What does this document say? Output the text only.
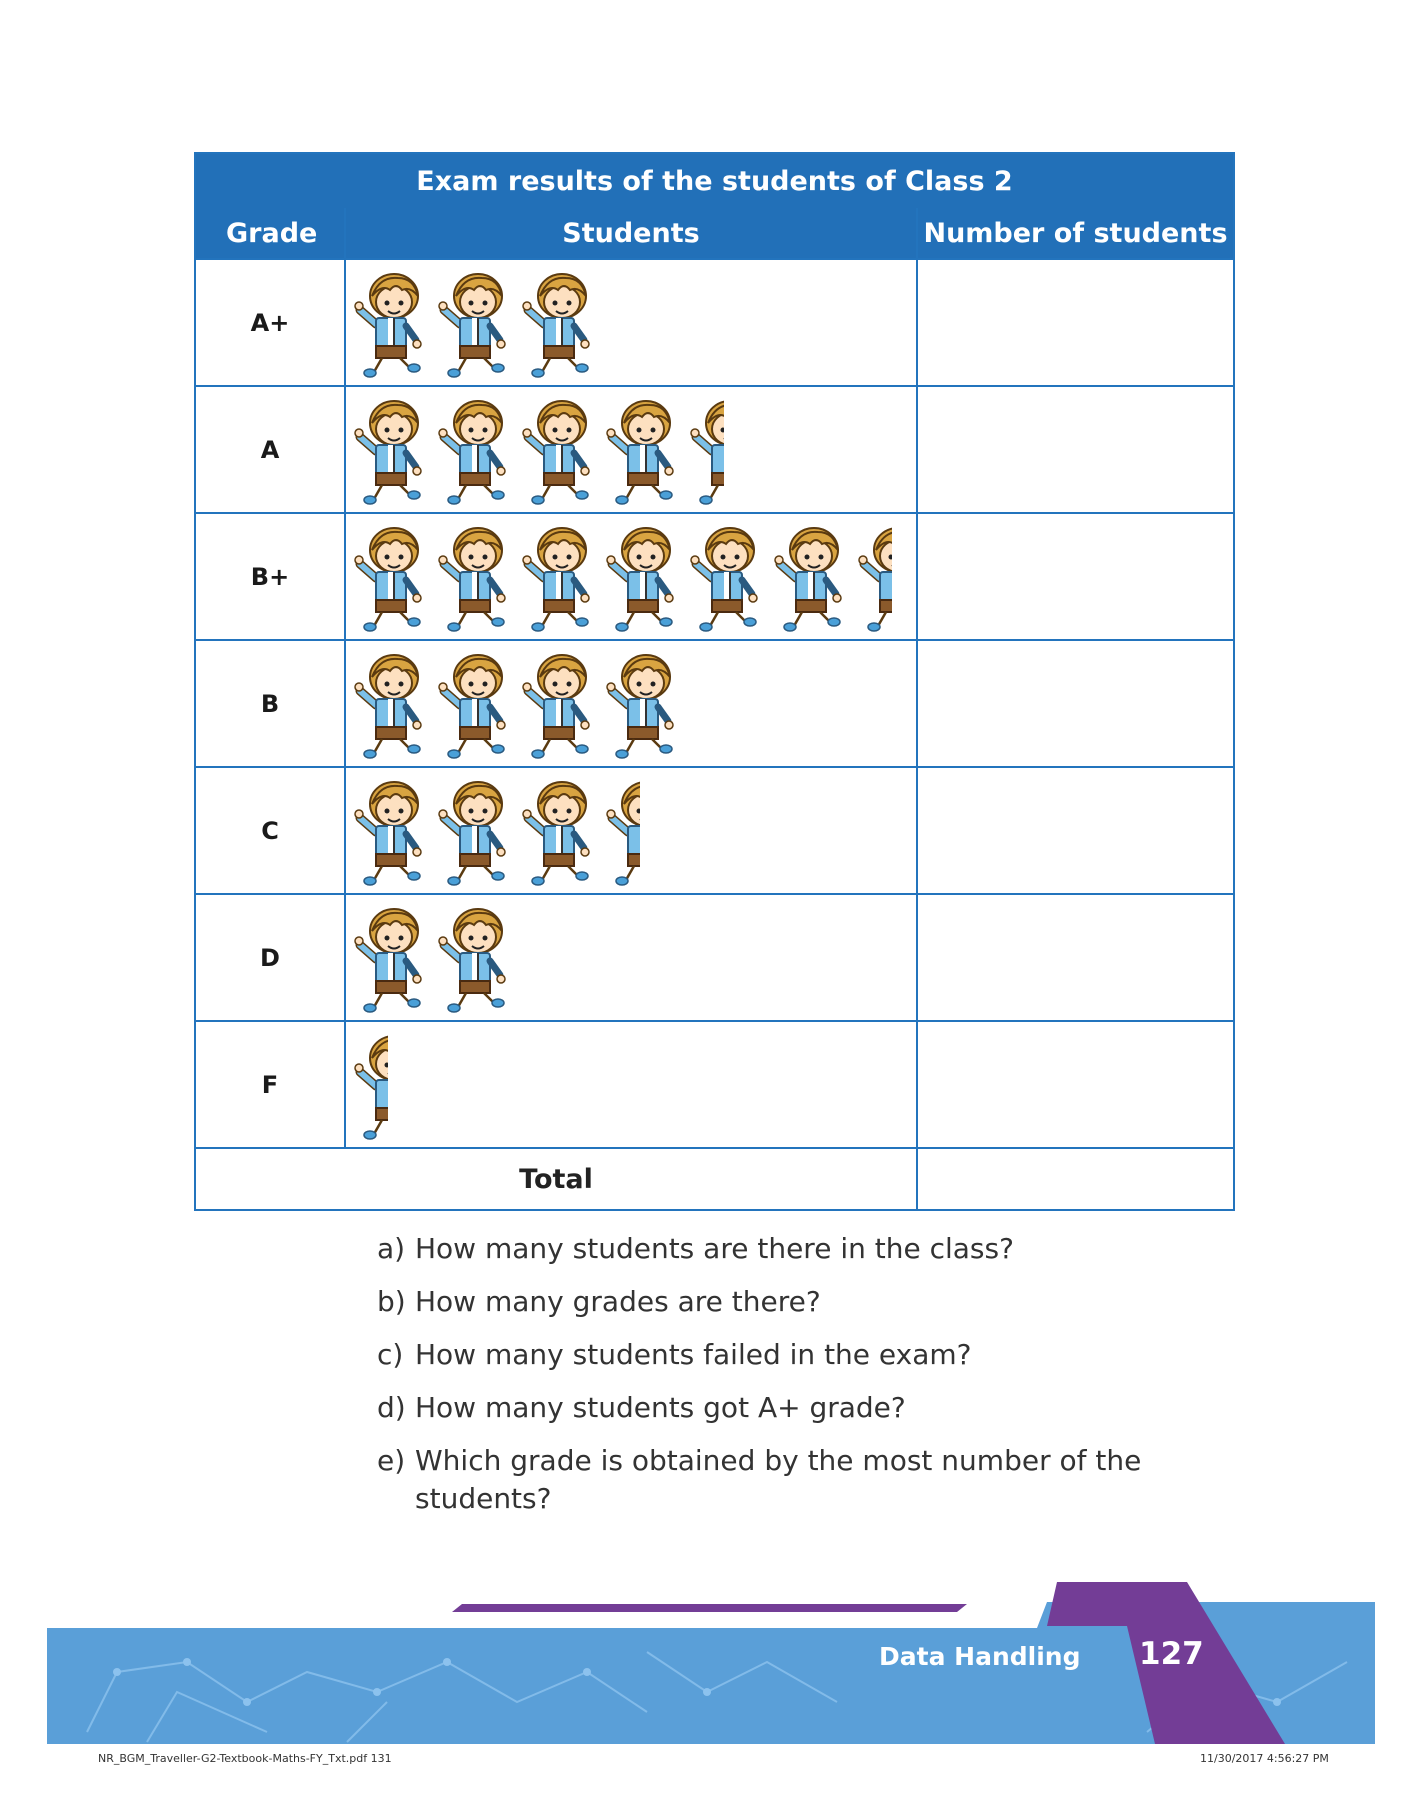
Exam results of the students of Class 2		
Grade	Students	Number of students
A+	

A	

B+	

B	

C	

D	

F	

Total		
a) How many students are there in the class?
b) How many grades are there?
c) How many students failed in the exam?
d) How many students got A+ grade?
e) Which grade is obtained by the most number of the students?
Data Handling 127
NR_BGM_Traveller-G2-Textbook-Maths-FY_Txt.pdf 131	11/30/2017 4:56:27 PM
